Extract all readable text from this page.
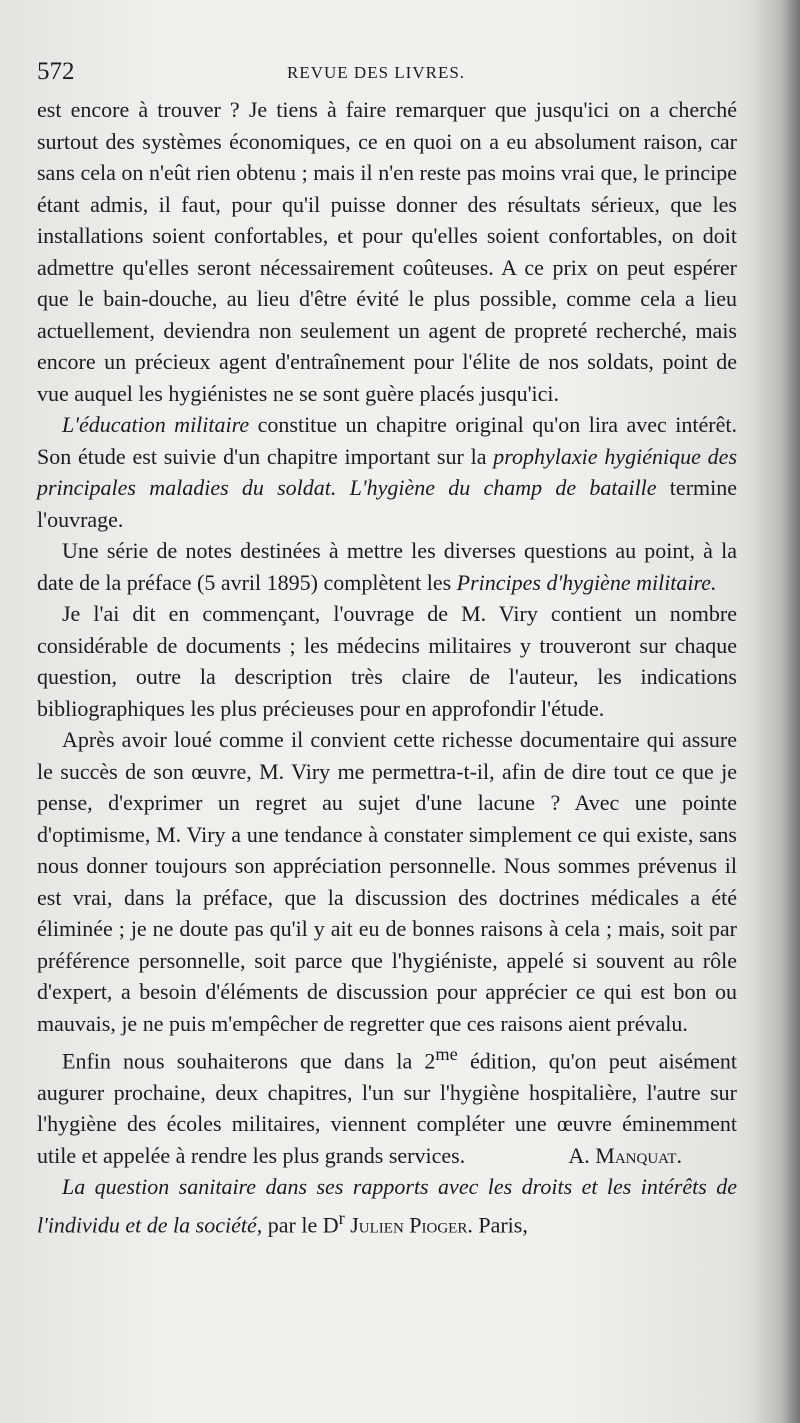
572	REVUE DES LIVRES.

est encore à trouver ? Je tiens à faire remarquer que jusqu'ici on a cherché surtout des systèmes économiques, ce en quoi on a eu absolument raison, car sans cela on n'eût rien obtenu ; mais il n'en reste pas moins vrai que, le principe étant admis, il faut, pour qu'il puisse donner des résultats sérieux, que les installations soient confortables, et pour qu'elles soient confortables, on doit admettre qu'elles seront nécessairement coûteuses. A ce prix on peut espérer que le bain-douche, au lieu d'être évité le plus possible, comme cela a lieu actuellement, deviendra non seulement un agent de propreté recherché, mais encore un précieux agent d'entraînement pour l'élite de nos soldats, point de vue auquel les hygiénistes ne se sont guère placés jusqu'ici.

L'éducation militaire constitue un chapitre original qu'on lira avec intérêt. Son étude est suivie d'un chapitre important sur la prophylaxie hygiénique des principales maladies du soldat. L'hygiène du champ de bataille termine l'ouvrage.

Une série de notes destinées à mettre les diverses questions au point, à la date de la préface (5 avril 1895) complètent les Principes d'hygiène militaire.

Je l'ai dit en commençant, l'ouvrage de M. Viry contient un nombre considérable de documents ; les médecins militaires y trouveront sur chaque question, outre la description très claire de l'auteur, les indications bibliographiques les plus précieuses pour en approfondir l'étude.

Après avoir loué comme il convient cette richesse documentaire qui assure le succès de son œuvre, M. Viry me permettra-t-il, afin de dire tout ce que je pense, d'exprimer un regret au sujet d'une lacune ? Avec une pointe d'optimisme, M. Viry a une tendance à constater simplement ce qui existe, sans nous donner toujours son appréciation personnelle. Nous sommes prévenus il est vrai, dans la préface, que la discussion des doctrines médicales a été éliminée ; je ne doute pas qu'il y ait eu de bonnes raisons à cela ; mais, soit par préférence personnelle, soit parce que l'hygiéniste, appelé si souvent au rôle d'expert, a besoin d'éléments de discussion pour apprécier ce qui est bon ou mauvais, je ne puis m'empêcher de regretter que ces raisons aient prévalu.

Enfin nous souhaiterons que dans la $2^{me}$ édition, qu'on peut aisément augurer prochaine, deux chapitres, l'un sur l'hygiène hospitalière, l'autre sur l'hygiène des écoles militaires, viennent compléter une œuvre éminemment utile et appelée à rendre les plus grands services.	A. Manquat.

La question sanitaire dans ses rapports avec les droits et les intérêts de l'individu et de la société, par le $D^r$ Julien Pioger. Paris,
